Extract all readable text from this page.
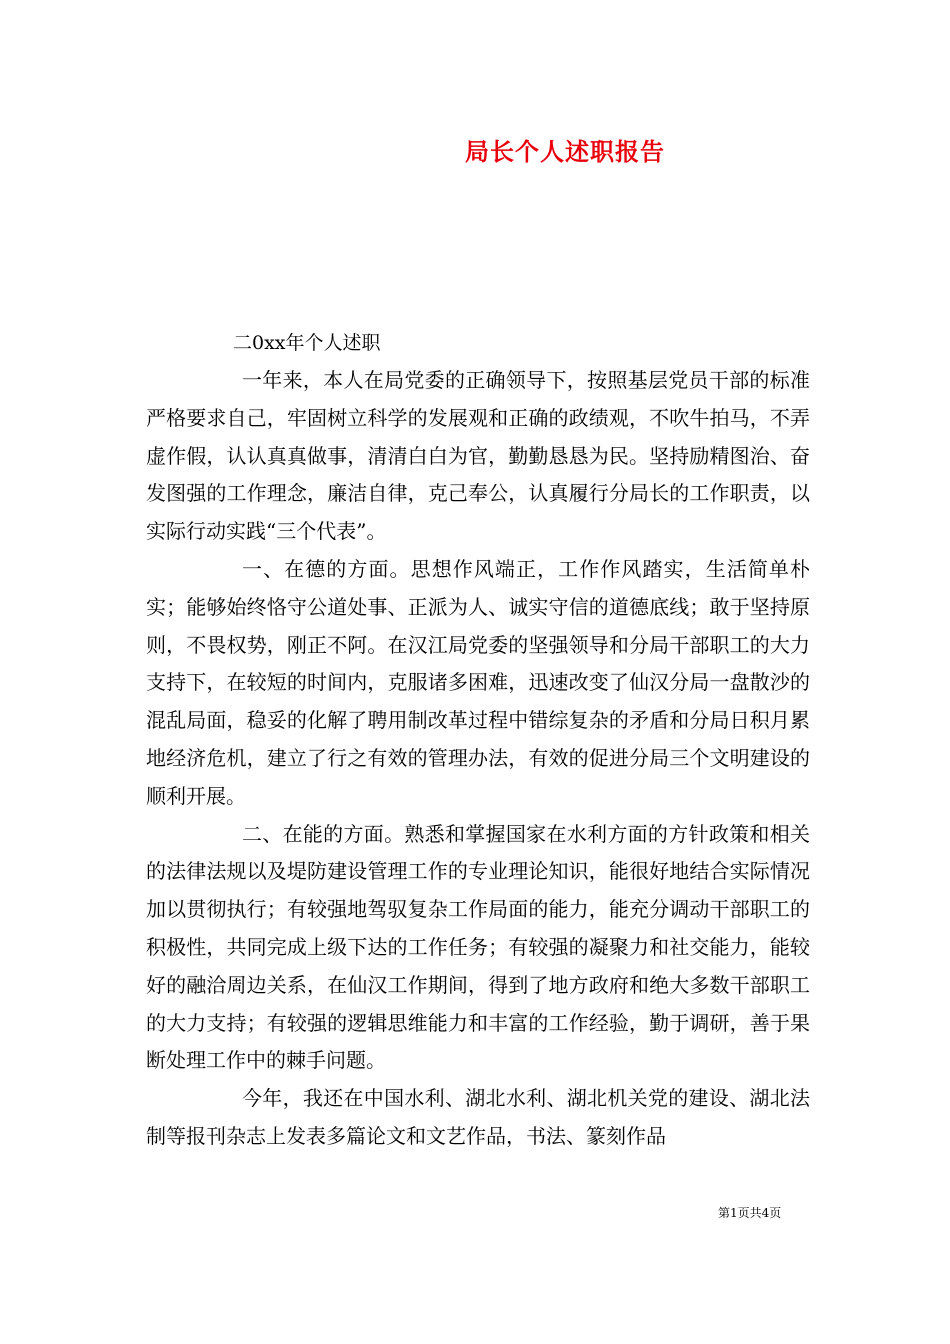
局长个人述职报告

二0xx年个人述职

一年来，本人在局党委的正确领导下，按照基层党员干部的标准严格要求自己，牢固树立科学的发展观和正确的政绩观，不吹牛拍马，不弄虚作假，认认真真做事，清清白白为官，勤勤恳恳为民。坚持励精图治、奋发图强的工作理念，廉洁自律，克己奉公，认真履行分局长的工作职责，以实际行动实践“三个代表”。

一、在德的方面。思想作风端正，工作作风踏实，生活简单朴实；能够始终恪守公道处事、正派为人、诚实守信的道德底线；敢于坚持原则，不畏权势，刚正不阿。在汉江局党委的坚强领导和分局干部职工的大力支持下，在较短的时间内，克服诸多困难，迅速改变了仙汉分局一盘散沙的混乱局面，稳妥的化解了聘用制改革过程中错综复杂的矛盾和分局日积月累地经济危机，建立了行之有效的管理办法，有效的促进分局三个文明建设的顺利开展。

二、在能的方面。熟悉和掌握国家在水利方面的方针政策和相关的法律法规以及堤防建设管理工作的专业理论知识，能很好地结合实际情况加以贯彻执行；有较强地驾驭复杂工作局面的能力，能充分调动干部职工的积极性，共同完成上级下达的工作任务；有较强的凝聚力和社交能力，能较好的融洽周边关系，在仙汉工作期间，得到了地方政府和绝大多数干部职工的大力支持；有较强的逻辑思维能力和丰富的工作经验，勤于调研，善于果断处理工作中的棘手问题。

今年，我还在中国水利、湖北水利、湖北机关党的建设、湖北法制等报刊杂志上发表多篇论文和文艺作品，书法、篆刻作品

第1页共4页
